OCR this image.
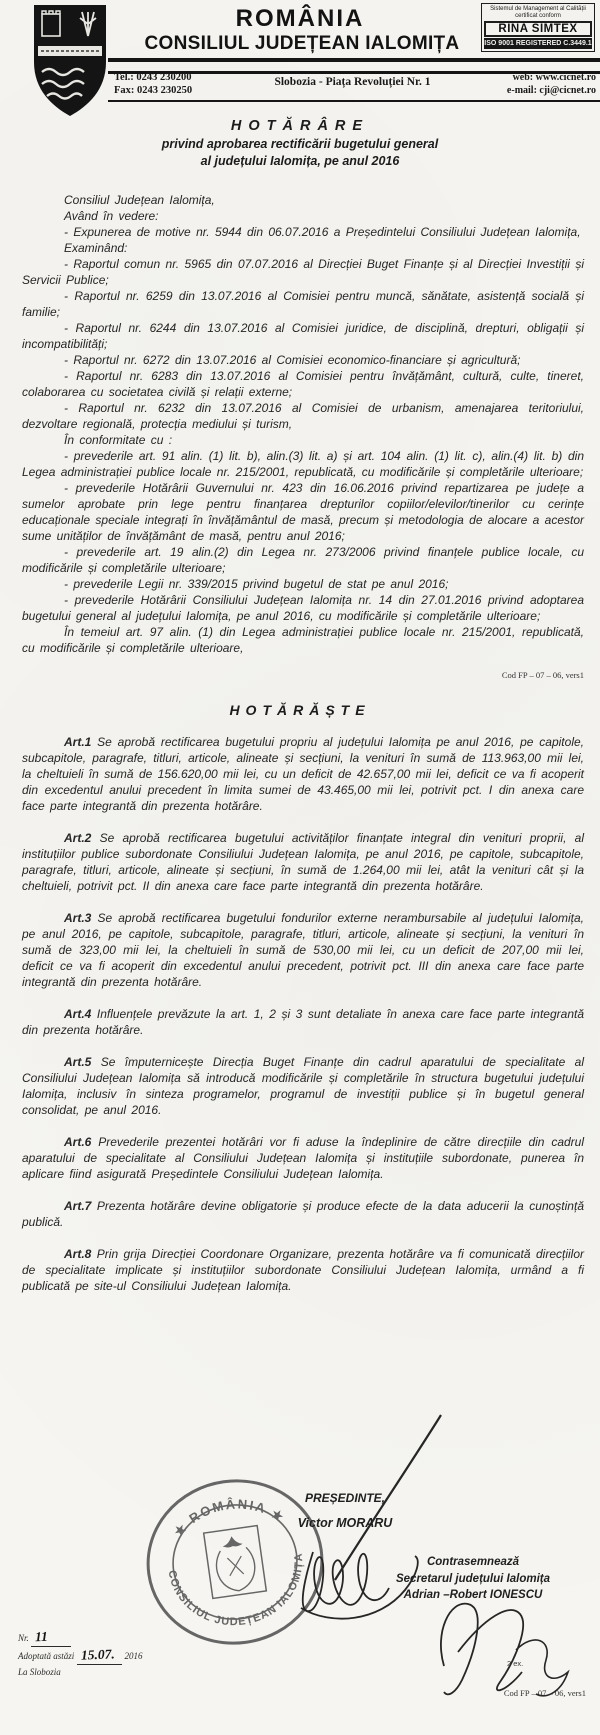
ROMÂNIA
CONSILIUL JUDEȚEAN IALOMIȚA
Sistemul de Management al Calității
certificat conform
RINA SIMTEX
ISO 9001 REGISTERED C.3449.1
Tel.: 0243 230200
Fax: 0243 230250
Slobozia - Piața Revoluției Nr. 1	web: www.cicnet.ro
e-mail: cji@cicnet.ro
HOTĂRÂRE
privind aprobarea rectificării bugetului general
al județului Ialomița, pe anul 2016

Consiliul Județean Ialomița,

Având în vedere:

- Expunerea de motive nr. 5944 din 06.07.2016 a Președintelui Consiliului Județean Ialomița,

Examinând:

- Raportul comun nr. 5965 din 07.07.2016 al Direcției Buget Finanțe și al Direcției Investiții și Servicii Publice;

- Raportul nr. 6259 din 13.07.2016 al Comisiei pentru muncă, sănătate, asistență socială și familie;

- Raportul nr. 6244 din 13.07.2016 al Comisiei juridice, de disciplină, drepturi, obligații și incompatibilități;

- Raportul nr. 6272 din 13.07.2016 al Comisiei economico-financiare și agricultură;

- Raportul nr. 6283 din 13.07.2016 al Comisiei pentru învățământ, cultură, culte, tineret, colaborarea cu societatea civilă și relații externe;

- Raportul nr. 6232 din 13.07.2016 al Comisiei de urbanism, amenajarea teritoriului, dezvoltare regională, protecția mediului și turism,

În conformitate cu :

- prevederile art. 91 alin. (1) lit. b), alin.(3) lit. a) și art. 104 alin. (1) lit. c), alin.(4) lit. b) din Legea administrației publice locale nr. 215/2001, republicată, cu modificările și completările ulterioare;

- prevederile Hotărârii Guvernului nr. 423 din 16.06.2016 privind repartizarea pe județe a sumelor aprobate prin lege pentru finanțarea drepturilor copiilor/elevilor/tinerilor cu cerințe educaționale speciale integrați în învățământul de masă, precum și metodologia de alocare a acestor sume unităților de învățământ de masă, pentru anul 2016;

- prevederile art. 19 alin.(2) din Legea nr. 273/2006 privind finanțele publice locale, cu modificările și completările ulterioare;

- prevederile Legii nr. 339/2015 privind bugetul de stat pe anul 2016;

- prevederile Hotărârii Consiliului Județean Ialomița nr. 14 din 27.01.2016 privind adoptarea bugetului general al județului Ialomița, pe anul 2016, cu modificările și completările ulterioare;

În temeiul art. 97 alin. (1) din Legea administrației publice locale nr. 215/2001, republicată, cu modificările și completările ulterioare,

Cod FP – 07 – 06, vers1
HOTĂRĂȘTE

Art.1 Se aprobă rectificarea bugetului propriu al județului Ialomița pe anul 2016, pe capitole, subcapitole, paragrafe, titluri, articole, alineate și secțiuni, la venituri în sumă de 113.963,00 mii lei, la cheltuieli în sumă de 156.620,00 mii lei, cu un deficit de 42.657,00 mii lei, deficit ce va fi acoperit din excedentul anului precedent în limita sumei de 43.465,00 mii lei, potrivit pct. I din anexa care face parte integrantă din prezenta hotărâre.

Art.2 Se aprobă rectificarea bugetului activităților finanțate integral din venituri proprii, al instituțiilor publice subordonate Consiliului Județean Ialomița, pe anul 2016, pe capitole, subcapitole, paragrafe, titluri, articole, alineate și secțiuni, în sumă de 1.264,00 mii lei, atât la venituri cât și la cheltuieli, potrivit pct. II din anexa care face parte integrantă din prezenta hotărâre.

Art.3 Se aprobă rectificarea bugetului fondurilor externe nerambursabile al județului Ialomița, pe anul 2016, pe capitole, subcapitole, paragrafe, titluri, articole, alineate și secțiuni, la venituri în sumă de 323,00 mii lei, la cheltuieli în sumă de 530,00 mii lei, cu un deficit de 207,00 mii lei, deficit ce va fi acoperit din excedentul anului precedent, potrivit pct. III din anexa care face parte integrantă din prezenta hotărâre.

Art.4 Influențele prevăzute la art. 1, 2 și 3 sunt detaliate în anexa care face parte integrantă din prezenta hotărâre.

Art.5 Se împuternicește Direcția Buget Finanțe din cadrul aparatului de specialitate al Consiliului Județean Ialomița să introducă modificările și completările în structura bugetului județului Ialomița, inclusiv în sinteza programelor, programul de investiții publice și în bugetul general consolidat, pe anul 2016.

Art.6 Prevederile prezentei hotărâri vor fi aduse la îndeplinire de către direcțiile din cadrul aparatului de specialitate al Consiliului Județean Ialomița și instituțiile subordonate, punerea în aplicare fiind asigurată Președintele Consiliului Județean Ialomița.

Art.7 Prezenta hotărâre devine obligatorie și produce efecte de la data aducerii la cunoștință publică.

Art.8 Prin grija Direcției Coordonare Organizare, prezenta hotărâre va fi comunicată direcțiilor de specialitate implicate și instituțiilor subordonate Consiliului Județean Ialomița, urmând a fi publicată pe site-ul Consiliului Județean Ialomița.

★ ROMÂNIA ★
CONSILIUL JUDEȚEAN IALOMIȚA
PREȘEDINTE,
Victor MORARU
Contrasemnează
Secretarul județului Ialomița
Adrian –Robert IONESCU
2 ex.
Nr. 11
Adoptată astăzi 15.07. 2016
La Slobozia
Cod FP – 07 – 06, vers1
